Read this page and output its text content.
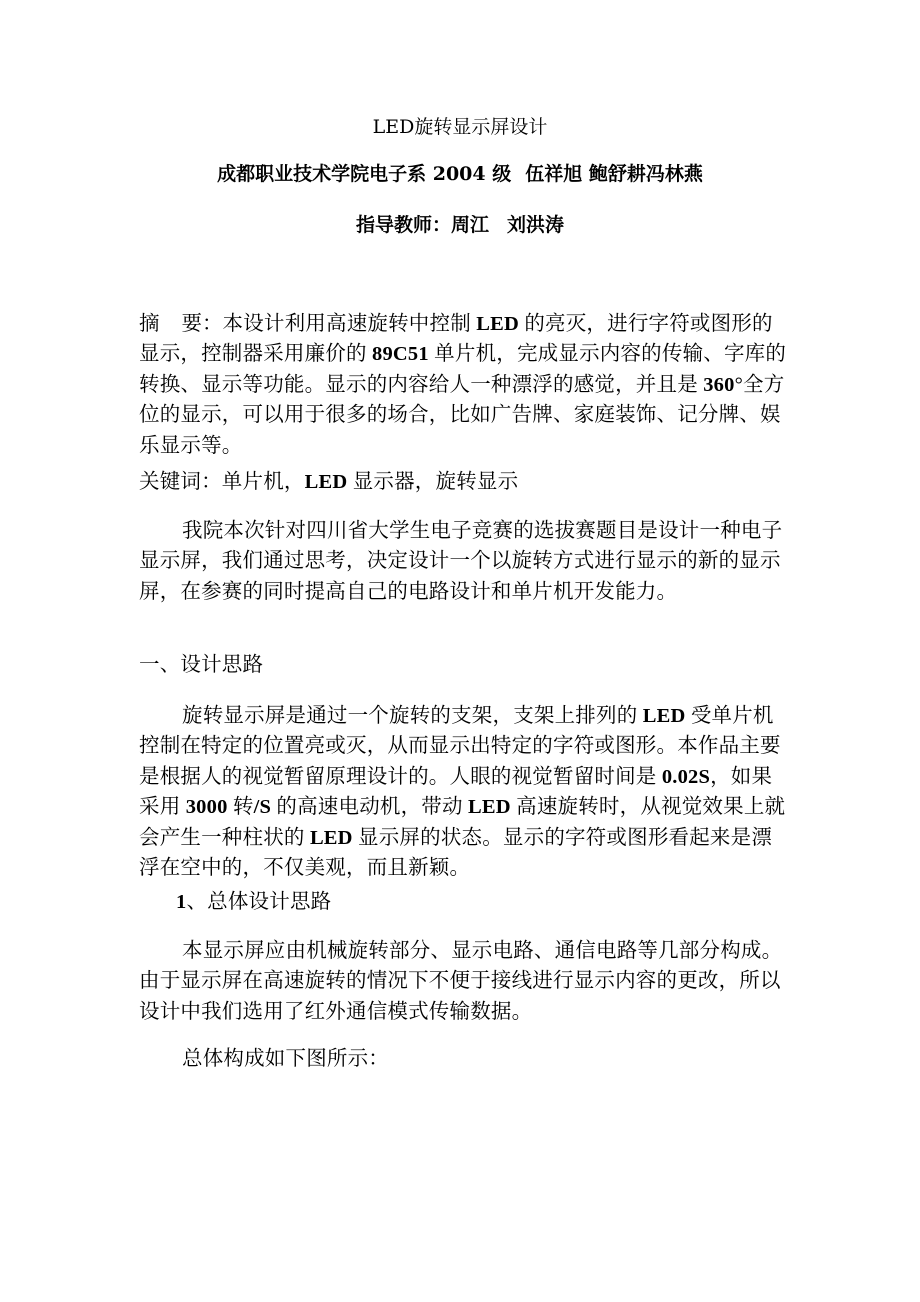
LED旋转显示屏设计
成都职业技术学院电子系 2004 级 伍祥旭 鲍舒耕冯林燕
指导教师：周江 刘洪涛

摘 要：本设计利用高速旋转中控制 LED 的亮灭，进行字符或图形的显示，控制器采用廉价的 89C51 单片机，完成显示内容的传输、字库的转换、显示等功能。显示的内容给人一种漂浮的感觉，并且是 360°全方位的显示，可以用于很多的场合，比如广告牌、家庭装饰、记分牌、娱乐显示等。

关键词：单片机，LED 显示器，旋转显示

我院本次针对四川省大学生电子竞赛的选拔赛题目是设计一种电子显示屏，我们通过思考，决定设计一个以旋转方式进行显示的新的显示屏，在参赛的同时提高自己的电路设计和单片机开发能力。

一、设计思路

旋转显示屏是通过一个旋转的支架，支架上排列的 LED 受单片机控制在特定的位置亮或灭，从而显示出特定的字符或图形。本作品主要是根据人的视觉暂留原理设计的。人眼的视觉暂留时间是 0.02S，如果采用 3000 转/S 的高速电动机，带动 LED 高速旋转时，从视觉效果上就会产生一种柱状的 LED 显示屏的状态。显示的字符或图形看起来是漂浮在空中的，不仅美观，而且新颖。

1、总体设计思路

本显示屏应由机械旋转部分、显示电路、通信电路等几部分构成。由于显示屏在高速旋转的情况下不便于接线进行显示内容的更改，所以设计中我们选用了红外通信模式传输数据。

总体构成如下图所示：
